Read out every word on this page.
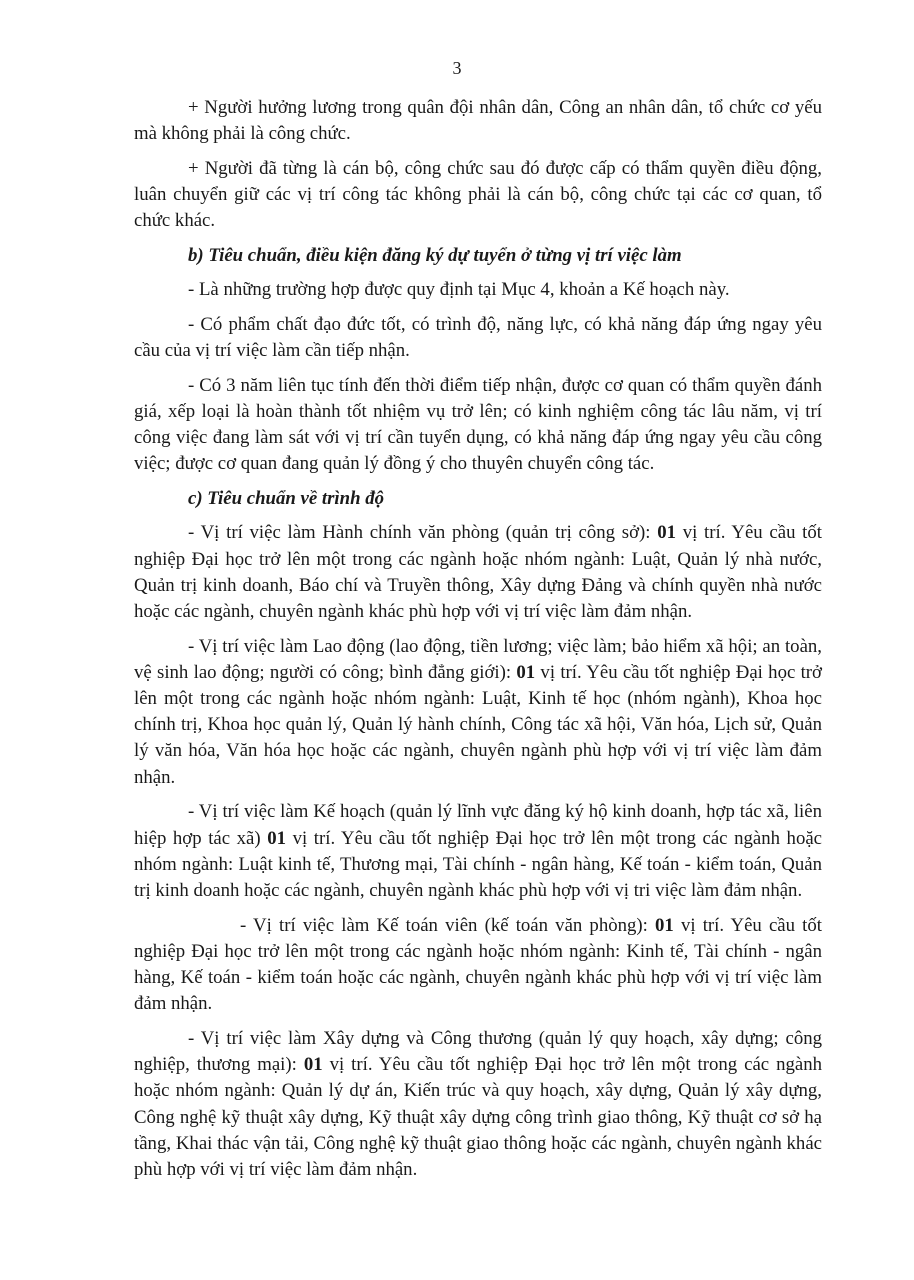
3

+ Người hưởng lương trong quân đội nhân dân, Công an nhân dân, tổ chức cơ yếu mà không phải là công chức.

+ Người đã từng là cán bộ, công chức sau đó được cấp có thẩm quyền điều động, luân chuyển giữ các vị trí công tác không phải là cán bộ, công chức tại các cơ quan, tổ chức khác.

b) Tiêu chuẩn, điều kiện đăng ký dự tuyển ở từng vị trí việc làm

- Là những trường hợp được quy định tại Mục 4, khoản a Kế hoạch này.

- Có phẩm chất đạo đức tốt, có trình độ, năng lực, có khả năng đáp ứng ngay yêu cầu của vị trí việc làm cần tiếp nhận.

- Có 3 năm liên tục tính đến thời điểm tiếp nhận, được cơ quan có thẩm quyền đánh giá, xếp loại là hoàn thành tốt nhiệm vụ trở lên; có kinh nghiệm công tác lâu năm, vị trí công việc đang làm sát với vị trí cần tuyển dụng, có khả năng đáp ứng ngay yêu cầu công việc; được cơ quan đang quản lý đồng ý cho thuyên chuyển công tác.

c) Tiêu chuẩn về trình độ

- Vị trí việc làm Hành chính văn phòng (quản trị công sở): 01 vị trí. Yêu cầu tốt nghiệp Đại học trở lên một trong các ngành hoặc nhóm ngành: Luật, Quản lý nhà nước, Quản trị kinh doanh, Báo chí và Truyền thông, Xây dựng Đảng và chính quyền nhà nước hoặc các ngành, chuyên ngành khác phù hợp với vị trí việc làm đảm nhận.

- Vị trí việc làm Lao động (lao động, tiền lương; việc làm; bảo hiểm xã hội; an toàn, vệ sinh lao động; người có công; bình đẳng giới): 01 vị trí. Yêu cầu tốt nghiệp Đại học trở lên một trong các ngành hoặc nhóm ngành: Luật, Kinh tế học (nhóm ngành), Khoa học chính trị, Khoa học quản lý, Quản lý hành chính, Công tác xã hội, Văn hóa, Lịch sử, Quản lý văn hóa, Văn hóa học hoặc các ngành, chuyên ngành phù hợp với vị trí việc làm đảm nhận.

- Vị trí việc làm Kế hoạch (quản lý lĩnh vực đăng ký hộ kinh doanh, hợp tác xã, liên hiệp hợp tác xã) 01 vị trí. Yêu cầu tốt nghiệp Đại học trở lên một trong các ngành hoặc nhóm ngành: Luật kinh tế, Thương mại, Tài chính - ngân hàng, Kế toán - kiểm toán, Quản trị kinh doanh hoặc các ngành, chuyên ngành khác phù hợp với vị tri việc làm đảm nhận.

- Vị trí việc làm Kế toán viên (kế toán văn phòng): 01 vị trí. Yêu cầu tốt nghiệp Đại học trở lên một trong các ngành hoặc nhóm ngành: Kinh tế, Tài chính - ngân hàng, Kế toán - kiểm toán hoặc các ngành, chuyên ngành khác phù hợp với vị trí việc làm đảm nhận.

- Vị trí việc làm Xây dựng và Công thương (quản lý quy hoạch, xây dựng; công nghiệp, thương mại): 01 vị trí. Yêu cầu tốt nghiệp Đại học trở lên một trong các ngành hoặc nhóm ngành: Quản lý dự án, Kiến trúc và quy hoạch, xây dựng, Quản lý xây dựng, Công nghệ kỹ thuật xây dựng, Kỹ thuật xây dựng công trình giao thông, Kỹ thuật cơ sở hạ tầng, Khai thác vận tải, Công nghệ kỹ thuật giao thông hoặc các ngành, chuyên ngành khác phù hợp với vị trí việc làm đảm nhận.
